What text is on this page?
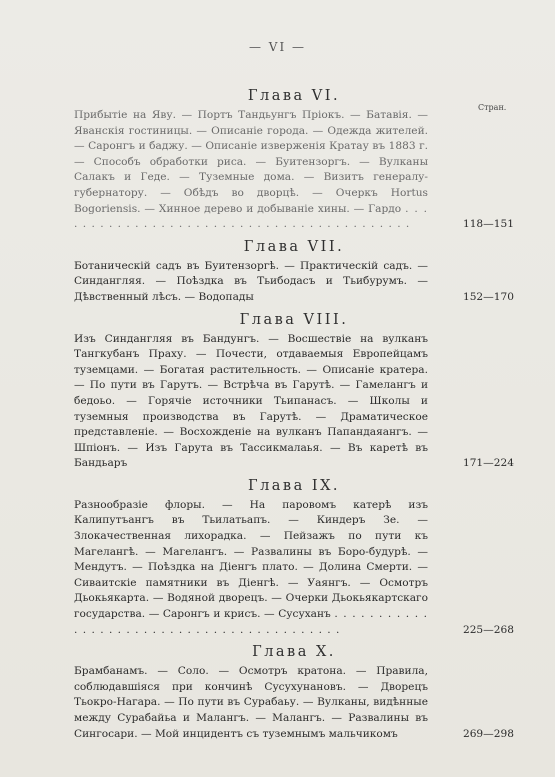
— VI —
Стран.
Глава VI.
Прибытіе на Яву. — Портъ Тандьунгъ Пріокъ. — Батавія. — Яванскія гостиницы. — Описаніе города. — Одежда жителей. — Саронгъ и баджу. — Описаніе изверженія Кратау въ 1883 г. — Способъ обработки риса. — Буитензоргъ. — Вулканы Салакъ и Геде. — Туземные дома. — Визитъ генералу-губернатору. — Обѣдъ во дворцѣ. — Очеркъ Hortus Bogoriensis. — Хинное дерево и добываніе хины. — Гардо . . .
118—151
Глава VII.
Ботаническій садъ въ Буитензоргѣ. — Практическій садъ. — Синдангляя. — Поѣздка въ Тьибодасъ и Тьибурумъ. — Дѣвственный лѣсъ. — Водопады	152—170
Глава VIII.
Изъ Синдангляя въ Бандунгъ. — Восшествіе на вулканъ Тангкубанъ Праху. — Почести, отдаваемыя Европейцамъ туземцами. — Богатая растительность. — Описаніе кратера. — По пути въ Гарутъ. — Встрѣча въ Гарутѣ. — Гамелангъ и бедоьо. — Горячіе источники Тьипанасъ. — Школы и туземныя производства въ Гарутѣ. — Драматическое представленіе. — Восхожденіе на вулканъ Папандаяангъ. — Шпіонъ. — Изъ Гарута въ Тассикмалаья. — Въ каретѣ въ Бандьаръ	171—224
Глава IX.
Разнообразіе флоры. — На паровомъ катерѣ изъ Калипутъангъ въ Тьилатьапъ. — Киндеръ Зе. — Злокачественная лихорадка. — Пейзажъ по пути къ Магелангѣ. — Магелангъ. — Развалины въ Боро-будурѣ. — Мендутъ. — Поѣздка на Діенгъ плато. — Долина Смерти. — Сиваитскіе памятники въ Діенгѣ. — Уаянгъ. — Осмотръ Дьокьякарта. — Водяной дворецъ. — Очерки Дьокьякартскаго государства. — Саронгъ и крисъ. — Сусуханъ . . .
225—268
Глава X.
Брамбанамъ. — Соло. — Осмотръ кратона. — Правила, соблюдавшіяся при кончинѣ Сусухунановъ. — Дворецъ Тьокро-Нагара. — По пути въ Сурабаьу. — Вулканы, видѣнные между Сурабайьа и Малангъ. — Малангъ. — Развалины въ Сингосари. — Мой инцидентъ съ туземнымъ мальчикомъ	269—298
